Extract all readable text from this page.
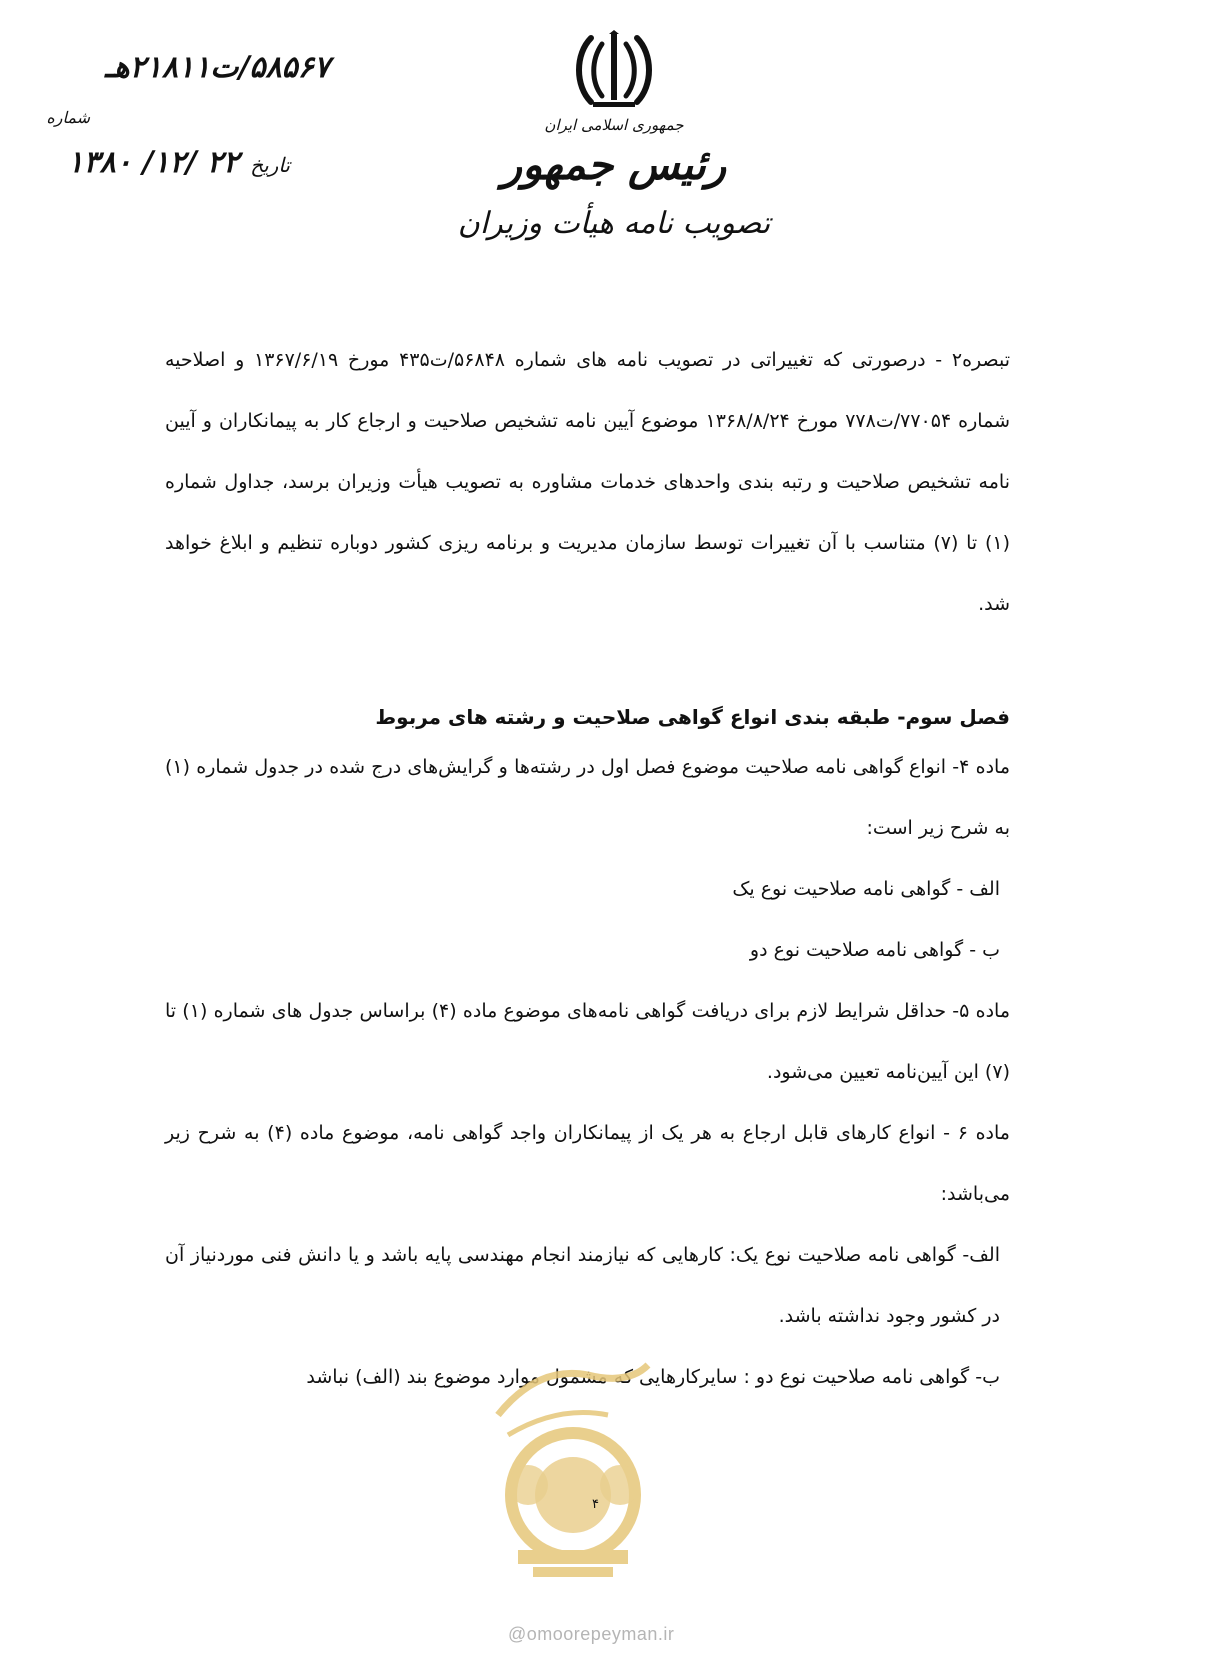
۵۸۵۶۷/ت۲۱۸۱۱هـ
شماره
تاریخ ۲۲ /۱۲/ ۱۳۸۰
جمهوری اسلامی ایران
رئیس جمهور
تصویب نامه هیأت وزیران

تبصره۲ - درصورتی که تغییراتی در تصویب نامه های شماره ۵۶۸۴۸/ت۴۳۵ مورخ ۱۳۶۷/۶/۱۹ و اصلاحیه شماره ۷۷۰۵۴/ت۷۷۸ مورخ ۱۳۶۸/۸/۲۴ موضوع آیین نامه تشخیص صلاحیت و ارجاع کار به پیمانکاران و آیین نامه تشخیص صلاحیت و رتبه بندی واحدهای خدمات مشاوره به تصویب هیأت وزیران برسد، جداول شماره (۱) تا (۷) متناسب با آن تغییرات توسط سازمان مدیریت و برنامه ریزی کشور دوباره تنظیم و ابلاغ خواهد شد.

فصل سوم- طبقه بندی انواع گواهی صلاحیت و رشته های مربوط

ماده ۴- انواع گواهی نامه صلاحیت موضوع فصل اول در رشته‌ها و گرایش‌های درج شده در جدول شماره (۱) به شرح زیر است:

الف - گواهی نامه صلاحیت نوع یک

ب - گواهی نامه صلاحیت نوع دو

ماده ۵- حداقل شرایط لازم برای دریافت گواهی نامه‌های موضوع ماده (۴) براساس جدول های شماره (۱) تا (۷) این آیین‌نامه تعیین می‌شود.

ماده ۶ - انواع کارهای قابل ارجاع به هر یک از پیمانکاران واجد گواهی نامه، موضوع ماده (۴) به شرح زیر می‌باشد:

الف- گواهی نامه صلاحیت نوع یک: کارهایی که نیازمند انجام مهندسی پایه باشد و یا دانش فنی موردنیاز آن در کشور وجود نداشته باشد.

ب- گواهی نامه صلاحیت نوع دو : سایرکارهایی که مشمول موارد موضوع بند (الف) نباشد

۴
@omoorepeyman.ir
